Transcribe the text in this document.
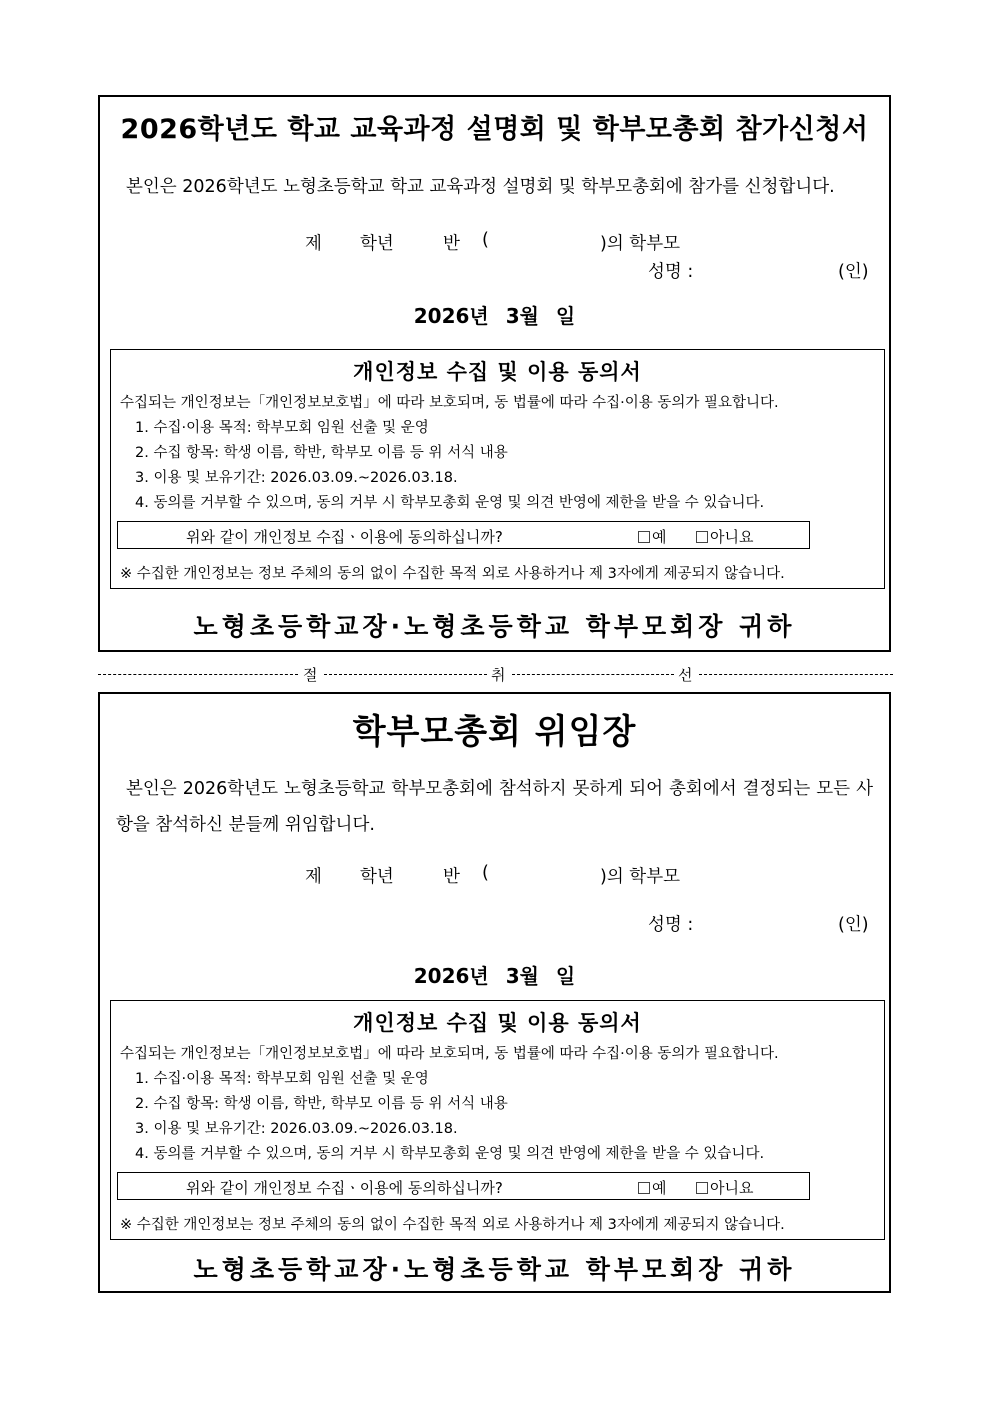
2026학년도 학교 교육과정 설명회 및 학부모총회 참가신청서
본인은 2026학년도 노형초등학교 학교 교육과정 설명회 및 학부모총회에 참가를 신청합니다.
제 학년	반 (	)의 학부모
성명 :	(인)
2026년 3월 일
개인정보 수집 및 이용 동의서
수집되는 개인정보는「개인정보보호법」에 따라 보호되며, 동 법률에 따라 수집·이용 동의가 필요합니다.
1. 수집·이용 목적: 학부모회 임원 선출 및 운영
2. 수집 항목: 학생 이름, 학반, 학부모 이름 등 위 서식 내용
3. 이용 및 보유기간: 2026.03.09.~2026.03.18.
4. 동의를 거부할 수 있으며, 동의 거부 시 학부모총회 운영 및 의견 반영에 제한을 받을 수 있습니다.
위와 같이 개인정보 수집ㆍ이용에 동의하십니까?	예	아니요
※ 수집한 개인정보는 정보 주체의 동의 없이 수집한 목적 외로 사용하거나 제 3자에게 제공되지 않습니다.
노형초등학교장·노형초등학교 학부모회장 귀하
절	취	선
학부모총회 위임장
본인은 2026학년도 노형초등학교 학부모총회에 참석하지 못하게 되어 총회에서 결정되는 모든 사항을 참석하신 분들께 위임합니다.
제 학년	반 (	)의 학부모
성명 :	(인)
2026년 3월 일
개인정보 수집 및 이용 동의서
수집되는 개인정보는「개인정보보호법」에 따라 보호되며, 동 법률에 따라 수집·이용 동의가 필요합니다.
1. 수집·이용 목적: 학부모회 임원 선출 및 운영
2. 수집 항목: 학생 이름, 학반, 학부모 이름 등 위 서식 내용
3. 이용 및 보유기간: 2026.03.09.~2026.03.18.
4. 동의를 거부할 수 있으며, 동의 거부 시 학부모총회 운영 및 의견 반영에 제한을 받을 수 있습니다.
위와 같이 개인정보 수집ㆍ이용에 동의하십니까?	예	아니요
※ 수집한 개인정보는 정보 주체의 동의 없이 수집한 목적 외로 사용하거나 제 3자에게 제공되지 않습니다.
노형초등학교장·노형초등학교 학부모회장 귀하
